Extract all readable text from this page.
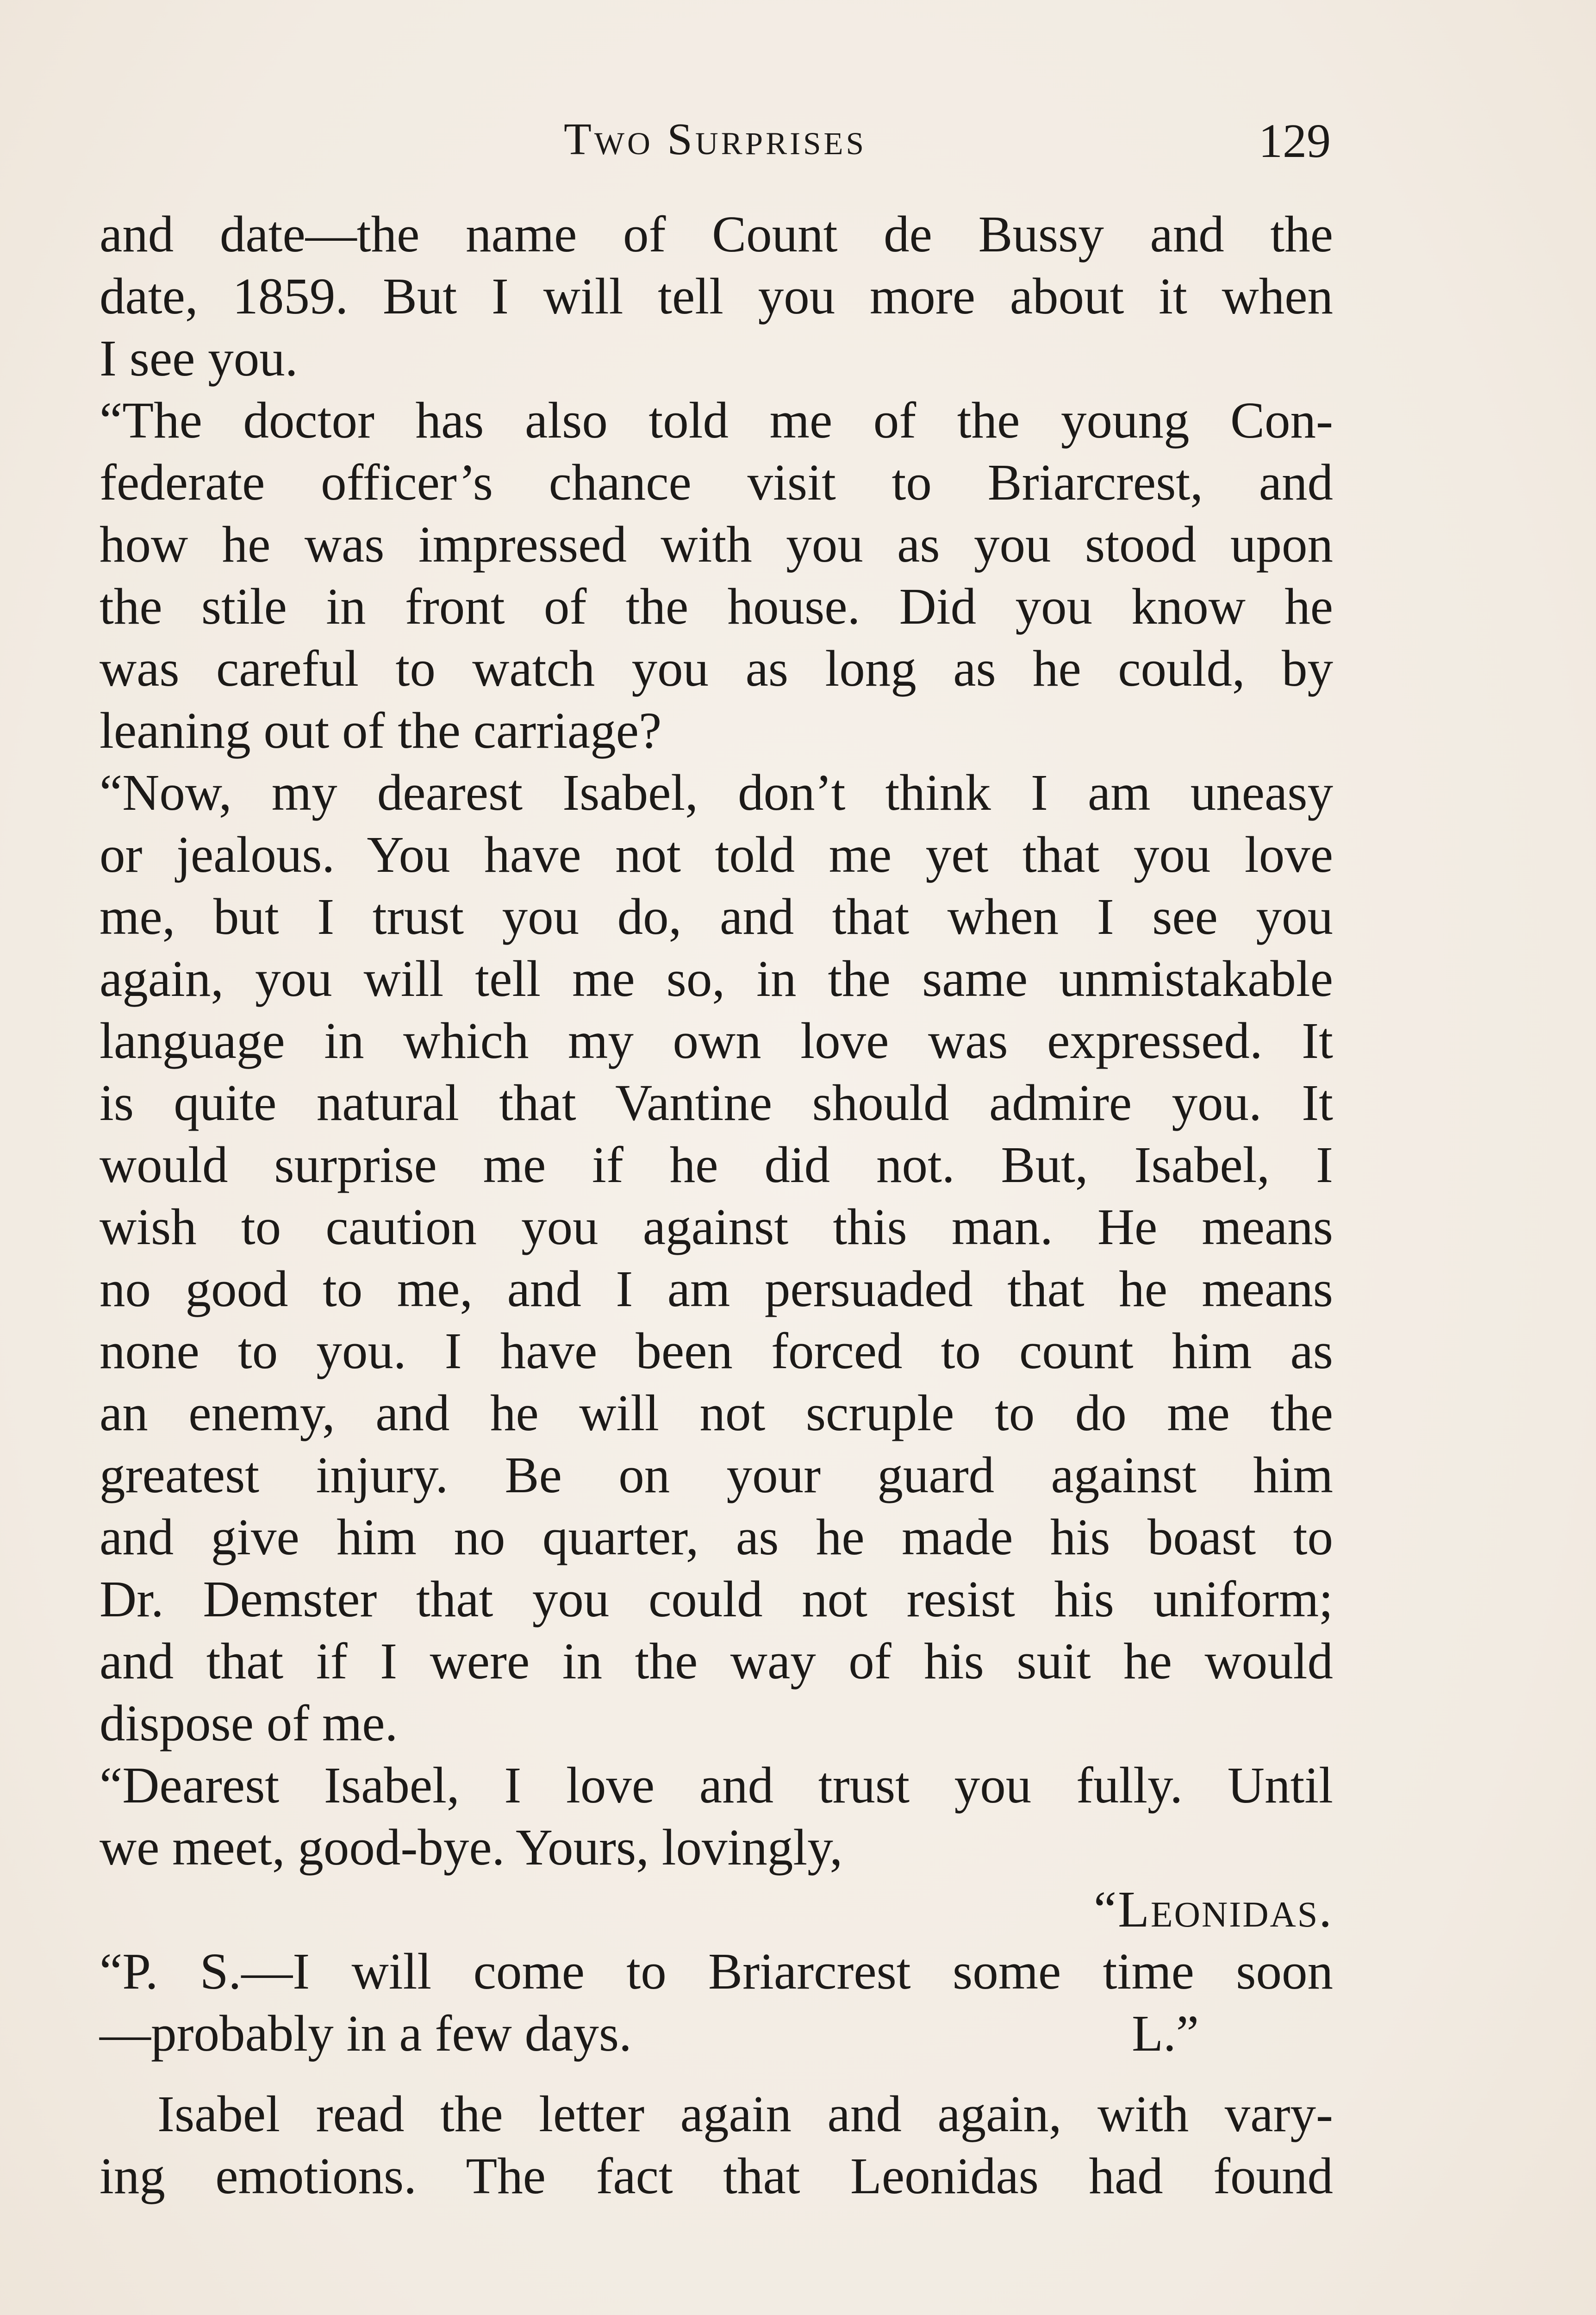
Two Surprises	129
and date—the name of Count de Bussy and the
date, 1859. But I will tell you more about it when
I see you.
“The doctor has also told me of the young Con-
federate officer’s chance visit to Briarcrest, and
how he was impressed with you as you stood upon
the stile in front of the house. Did you know he
was careful to watch you as long as he could, by
leaning out of the carriage?
“Now, my dearest Isabel, don’t think I am uneasy
or jealous. You have not told me yet that you love
me, but I trust you do, and that when I see you
again, you will tell me so, in the same unmistakable
language in which my own love was expressed. It
is quite natural that Vantine should admire you. It
would surprise me if he did not. But, Isabel, I
wish to caution you against this man. He means
no good to me, and I am persuaded that he means
none to you. I have been forced to count him as
an enemy, and he will not scruple to do me the
greatest injury. Be on your guard against him
and give him no quarter, as he made his boast to
Dr. Demster that you could not resist his uniform;
and that if I were in the way of his suit he would
dispose of me.
“Dearest Isabel, I love and trust you fully. Until
we meet, good-bye. Yours, lovingly,
“Leonidas.
“P. S.—I will come to Briarcrest some time soon
—probably in a few days.	L.”
Isabel read the letter again and again, with vary-
ing emotions. The fact that Leonidas had found
